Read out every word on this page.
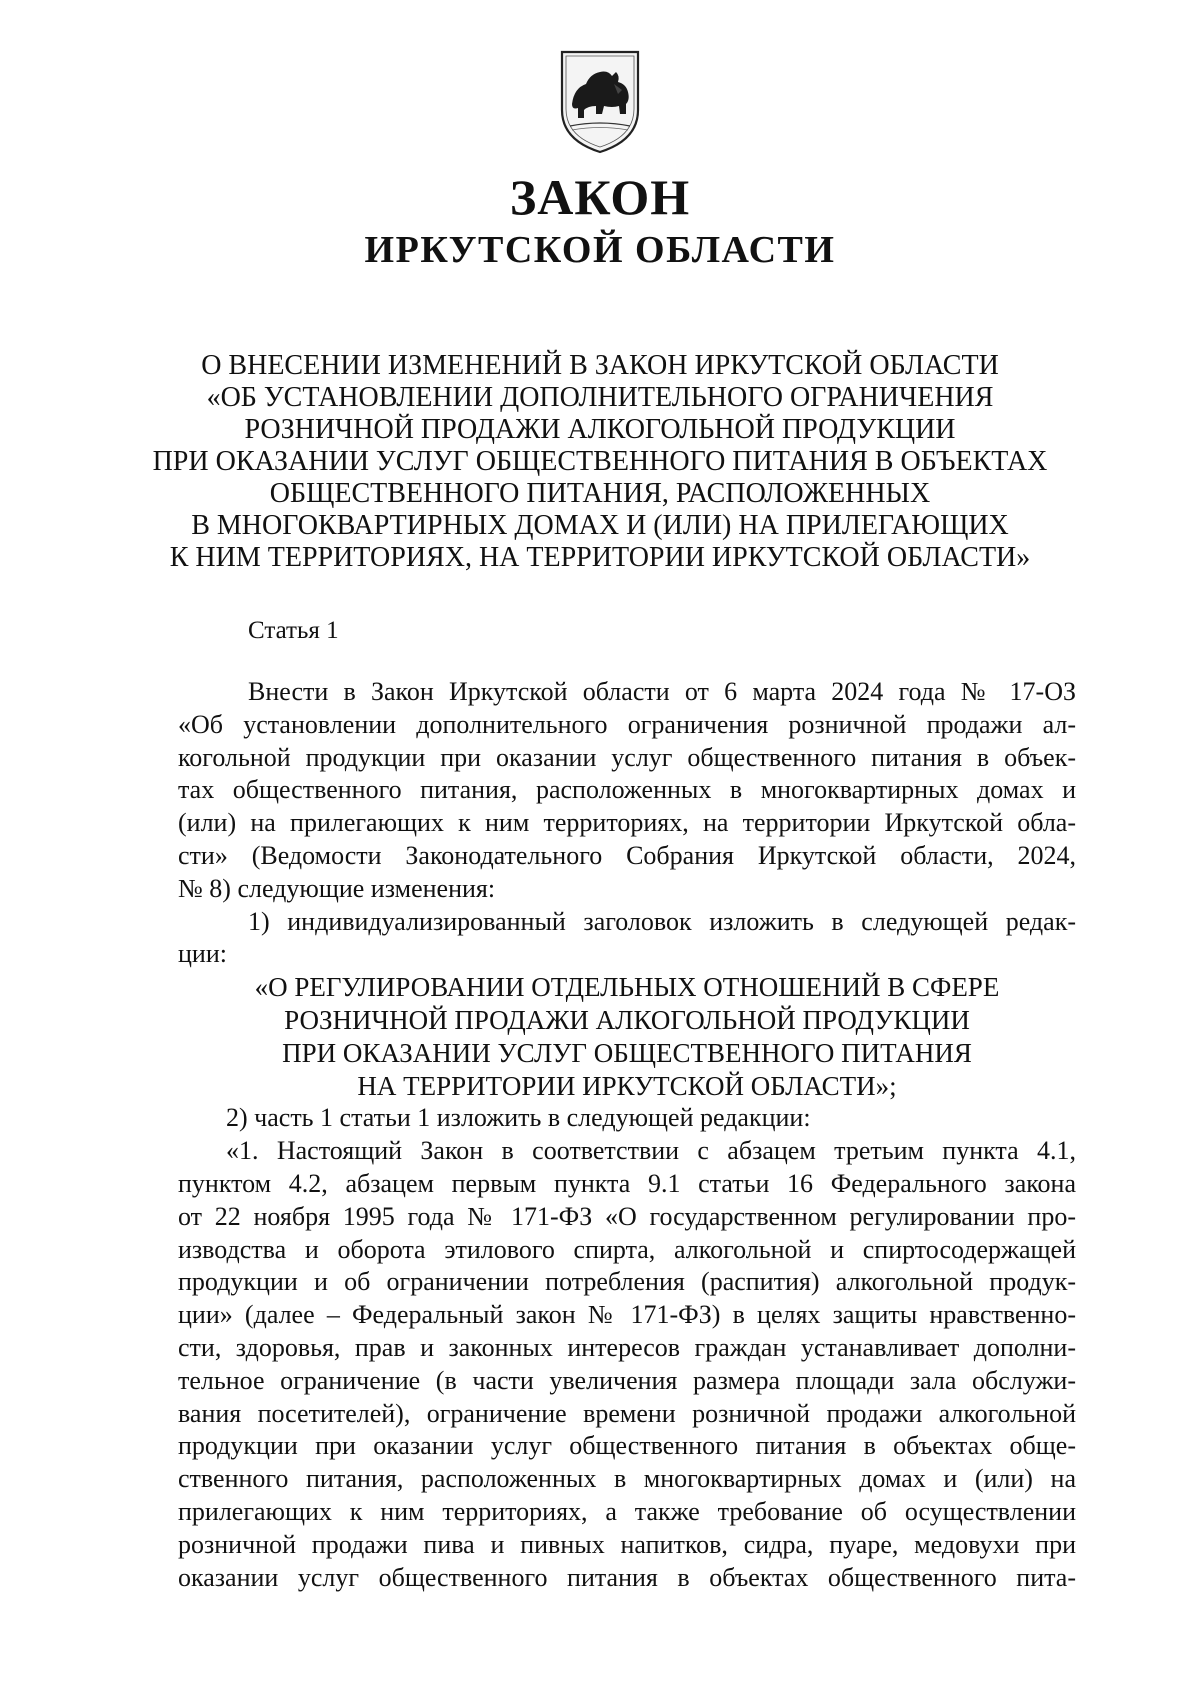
ЗАКОН
ИРКУТСКОЙ ОБЛАСТИ
О ВНЕСЕНИИ ИЗМЕНЕНИЙ В ЗАКОН ИРКУТСКОЙ ОБЛАСТИ
«ОБ УСТАНОВЛЕНИИ ДОПОЛНИТЕЛЬНОГО ОГРАНИЧЕНИЯ
РОЗНИЧНОЙ ПРОДАЖИ АЛКОГОЛЬНОЙ ПРОДУКЦИИ
ПРИ ОКАЗАНИИ УСЛУГ ОБЩЕСТВЕННОГО ПИТАНИЯ В ОБЪЕКТАХ
ОБЩЕСТВЕННОГО ПИТАНИЯ, РАСПОЛОЖЕННЫХ
В МНОГОКВАРТИРНЫХ ДОМАХ И (ИЛИ) НА ПРИЛЕГАЮЩИХ
К НИМ ТЕРРИТОРИЯХ, НА ТЕРРИТОРИИ ИРКУТСКОЙ ОБЛАСТИ»
Статья 1
Внести в Закон Иркутской области от 6 марта 2024 года № 17-ОЗ
«Об установлении дополнительного ограничения розничной продажи ал-
когольной продукции при оказании услуг общественного питания в объек-
тах общественного питания, расположенных в многоквартирных домах и
(или) на прилегающих к ним территориях, на территории Иркутской обла-
сти» (Ведомости Законодательного Собрания Иркутской области, 2024,
№ 8) следующие изменения:
1) индивидуализированный заголовок изложить в следующей редак-
ции:
«О РЕГУЛИРОВАНИИ ОТДЕЛЬНЫХ ОТНОШЕНИЙ В СФЕРЕ
РОЗНИЧНОЙ ПРОДАЖИ АЛКОГОЛЬНОЙ ПРОДУКЦИИ
ПРИ ОКАЗАНИИ УСЛУГ ОБЩЕСТВЕННОГО ПИТАНИЯ
НА ТЕРРИТОРИИ ИРКУТСКОЙ ОБЛАСТИ»;
2) часть 1 статьи 1 изложить в следующей редакции:
«1. Настоящий Закон в соответствии с абзацем третьим пункта 4.1,
пунктом 4.2, абзацем первым пункта 9.1 статьи 16 Федерального закона
от 22 ноября 1995 года № 171-ФЗ «О государственном регулировании про-
изводства и оборота этилового спирта, алкогольной и спиртосодержащей
продукции и об ограничении потребления (распития) алкогольной продук-
ции» (далее – Федеральный закон № 171-ФЗ) в целях защиты нравственно-
сти, здоровья, прав и законных интересов граждан устанавливает дополни-
тельное ограничение (в части увеличения размера площади зала обслужи-
вания посетителей), ограничение времени розничной продажи алкогольной
продукции при оказании услуг общественного питания в объектах обще-
ственного питания, расположенных в многоквартирных домах и (или) на
прилегающих к ним территориях, а также требование об осуществлении
розничной продажи пива и пивных напитков, сидра, пуаре, медовухи при
оказании услуг общественного питания в объектах общественного пита-
